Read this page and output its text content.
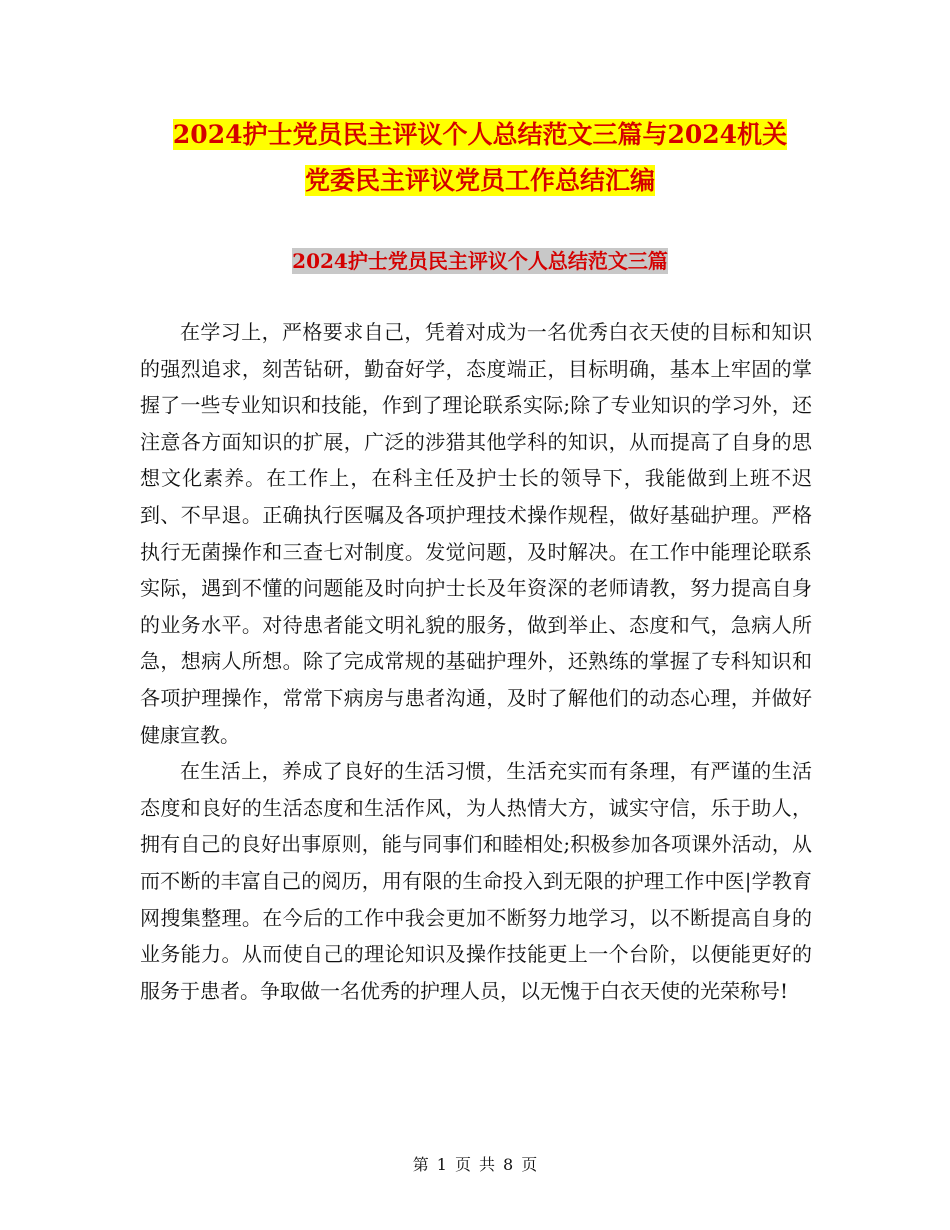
2024护士党员民主评议个人总结范文三篇与2024机关
党委民主评议党员工作总结汇编
2024护士党员民主评议个人总结范文三篇

在学习上，严格要求自己，凭着对成为一名优秀白衣天使的目标和知识的强烈追求，刻苦钻研，勤奋好学，态度端正，目标明确，基本上牢固的掌握了一些专业知识和技能，作到了理论联系实际;除了专业知识的学习外，还注意各方面知识的扩展，广泛的涉猎其他学科的知识，从而提高了自身的思想文化素养。在工作上，在科主任及护士长的领导下，我能做到上班不迟到、不早退。正确执行医嘱及各项护理技术操作规程，做好基础护理。严格执行无菌操作和三查七对制度。发觉问题，及时解决。在工作中能理论联系实际，遇到不懂的问题能及时向护士长及年资深的老师请教，努力提高自身的业务水平。对待患者能文明礼貌的服务，做到举止、态度和气，急病人所急，想病人所想。除了完成常规的基础护理外，还熟练的掌握了专科知识和各项护理操作，常常下病房与患者沟通，及时了解他们的动态心理，并做好健康宣教。

在生活上，养成了良好的生活习惯，生活充实而有条理，有严谨的生活态度和良好的生活态度和生活作风，为人热情大方，诚实守信，乐于助人，拥有自己的良好出事原则，能与同事们和睦相处;积极参加各项课外活动，从而不断的丰富自己的阅历，用有限的生命投入到无限的护理工作中医|学教育网搜集整理。在今后的工作中我会更加不断努力地学习，以不断提高自身的业务能力。从而使自己的理论知识及操作技能更上一个台阶，以便能更好的服务于患者。争取做一名优秀的护理人员，以无愧于白衣天使的光荣称号!

第 1 页 共 8 页
